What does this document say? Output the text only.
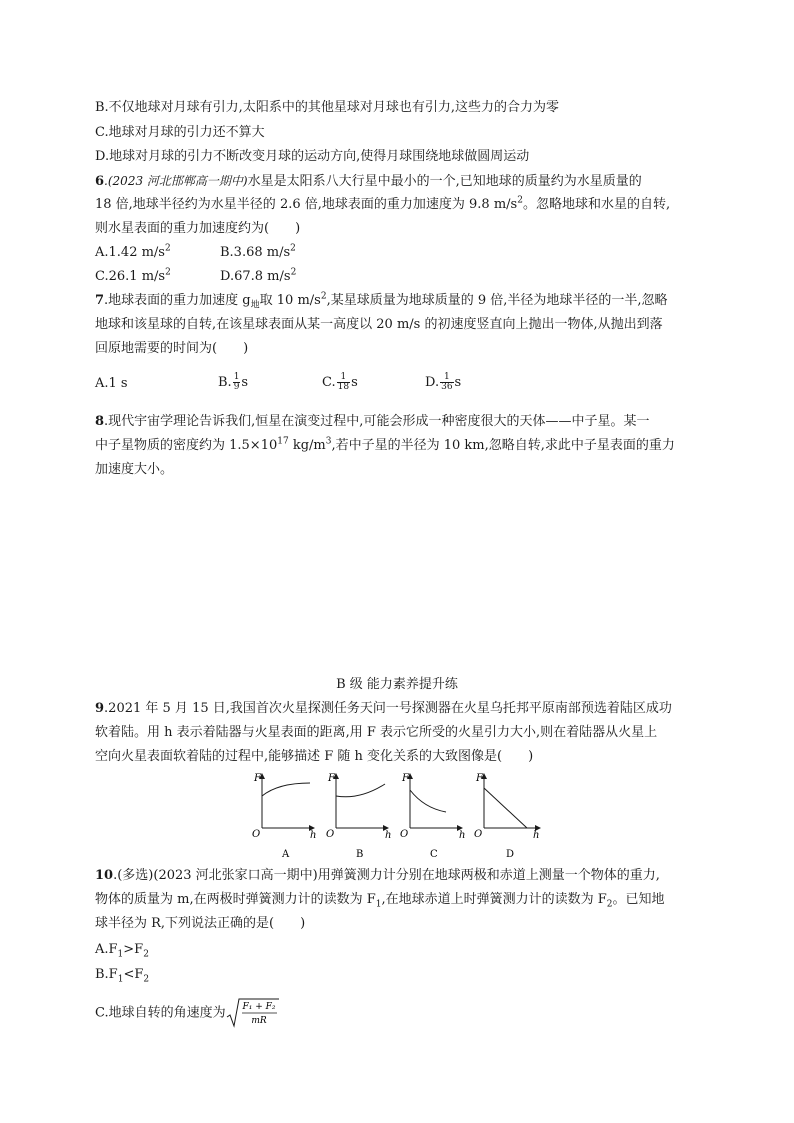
B.不仅地球对月球有引力,太阳系中的其他星球对月球也有引力,这些力的合力为零
C.地球对月球的引力还不算大
D.地球对月球的引力不断改变月球的运动方向,使得月球围绕地球做圆周运动
6.(2023 河北邯郸高一期中)水星是太阳系八大行星中最小的一个,已知地球的质量约为水星质量的
18 倍,地球半径约为水星半径的 2.6 倍,地球表面的重力加速度为 9.8 $m/s^2$。忽略地球和水星的自转,
则水星表面的重力加速度约为(　　)
A.1.42 $m/s^2$	B.3.68 $m/s^2$
C.26.1 $m/s^2$	D.67.8 $m/s^2$
7.地球表面的重力加速度 $g_地$取 10 $m/s^2$,某星球质量为地球质量的 9 倍,半径为地球半径的一半,忽略
地球和该星球的自转,在该星球表面从某一高度以 20 m/s 的初速度竖直向上抛出一物体,从抛出到落
回原地需要的时间为(　　)
A.1 s	B. $\frac{1}{9}$ s	C. $\frac{1}{18}$ s	D. $\frac{1}{36}$ s
8.现代宇宙学理论告诉我们,恒星在演变过程中,可能会形成一种密度很大的天体——中子星。某一
中子星物质的密度约为 $1.5\times 10^{17}$ $kg/m^3$,若中子星的半径为 10 km,忽略自转,求此中子星表面的重力
加速度大小。
B 级 能力素养提升练
9.2021 年 5 月 15 日,我国首次火星探测任务天问一号探测器在火星乌托邦平原南部预选着陆区成功
软着陆。用 h 表示着陆器与火星表面的距离,用 F 表示它所受的火星引力大小,则在着陆器从火星上
空向火星表面软着陆的过程中,能够描述 F 随 h 变化关系的大致图像是(　　)
F
O	h
A
F
O	h
B
F
O	h
C
F
O	h
D
10.(多选)(2023 河北张家口高一期中)用弹簧测力计分别在地球两极和赤道上测量一个物体的重力,
物体的质量为 m,在两极时弹簧测力计的读数为 $F_1$,在地球赤道上时弹簧测力计的读数为 $F_2$。已知地
球半径为 R,下列说法正确的是(　　)
$A.F_1>F_2$
$B.F_1<F_2$
C.地球自转的角速度为 F₁ + F₂
mR
